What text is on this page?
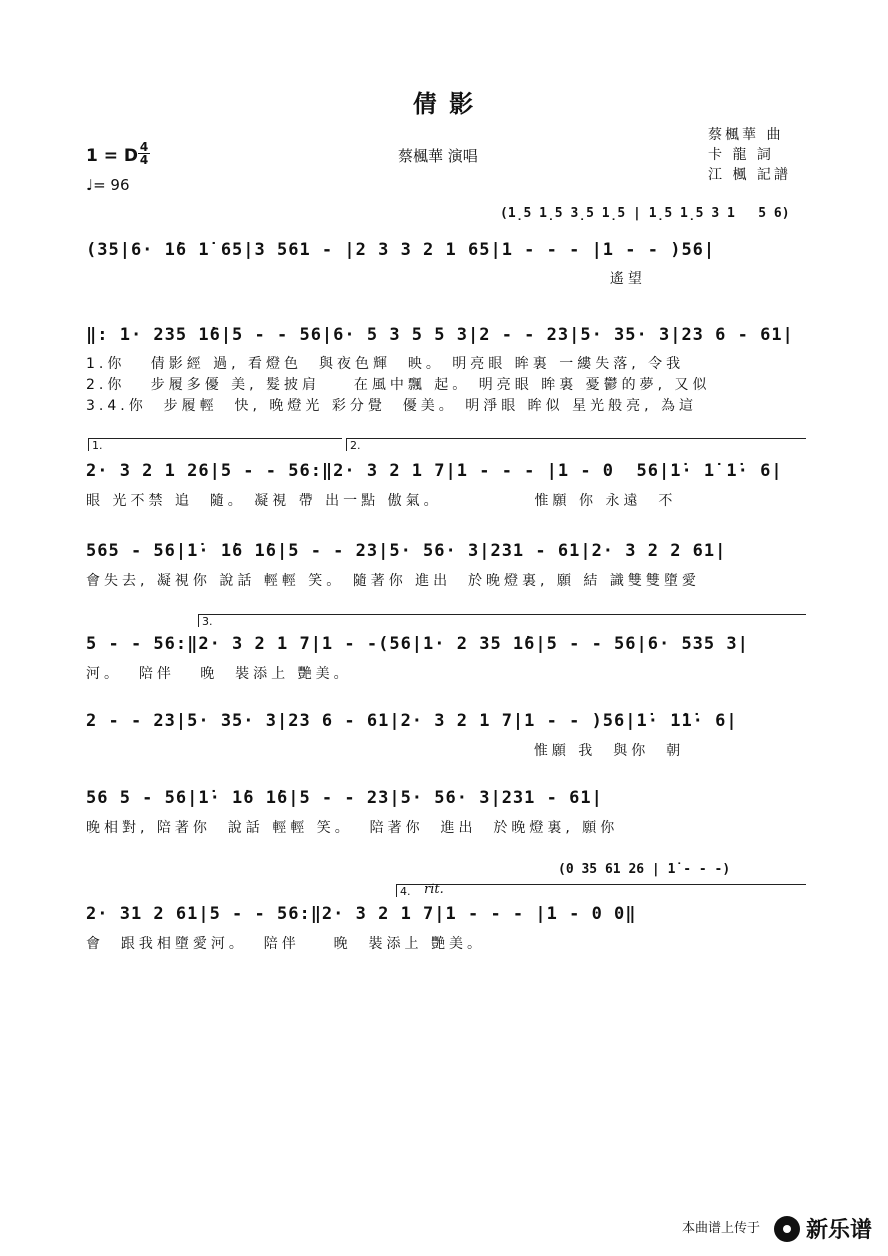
倩 影
1 = D 4
4
♩= 96
蔡楓華 演唱
蔡楓華 曲
卡 龍 詞
江 楓 記譜
(1̣5 1̣5 3̣5 1̣5 | 1̣5 1̣5 3 1   5 6)
(35|6· 1̇6 1̇ 65|3 561 - |2 3 3 2 1 65|1 - - - |1 - - )56|
遙望
‖: 1· 235 1̇6|5 - - 56|6· 5 3 5 5 3|2 - - 23|5· 35· 3|23 6 - 61|
1.你   倩影經 過, 看燈色  與夜色輝  映。 明亮眼 眸裏 一縷失落, 令我
2.你   步履多優 美, 髮披肩    在風中飄 起。 明亮眼 眸裏 憂鬱的夢, 又似
3.4.你  步履輕  快, 晚燈光 彩分覺  優美。 明淨眼 眸似 星光般亮, 為這
1.	2.
2· 3 2 1 26|5 - - 56:‖2· 3 2 1 7|1 - - - |1 - 0  56|1̇· 1̇ 1̇· 6|
眼 光不禁 追  隨。 凝視 帶 出一點 傲氣。           惟願 你 永遠  不
565 - 56|1̇· 1̇6 1̇6|5 - - 23|5· 56· 3|231 - 61|2· 3 2 2 61|
會失去, 凝視你 說話 輕輕 笑。 隨著你 進出  於晚燈裏, 願 結 識雙雙墮愛
3.
5 - - 56:‖2· 3 2 1 7|1 - -(56|1· 2 35 1̇6|5 - - 56|6· 535 3|
河。  陪伴   晚  裝添上 艷美。
2 - - 23|5· 35· 3|23 6 - 61|2· 3 2 1 7|1 - - )56|1̇· 1̇1̇· 6|
惟願 我  與你  朝
56 5 - 56|1̇· 1̇6 1̇6|5 - - 23|5· 56· 3|231 - 61|
晚相對, 陪著你  說話 輕輕 笑。  陪著你  進出  於晚燈裏, 願你
(0 35 61 26 | 1̇ - - -)
4.	rit.
2· 31 2 61|5 - - 56:‖2· 3 2 1 7|1 - - - |1 - 0 0‖
會  跟我相墮愛河。  陪伴    晚  裝添上 艷美。
本曲谱上传于 新乐谱
